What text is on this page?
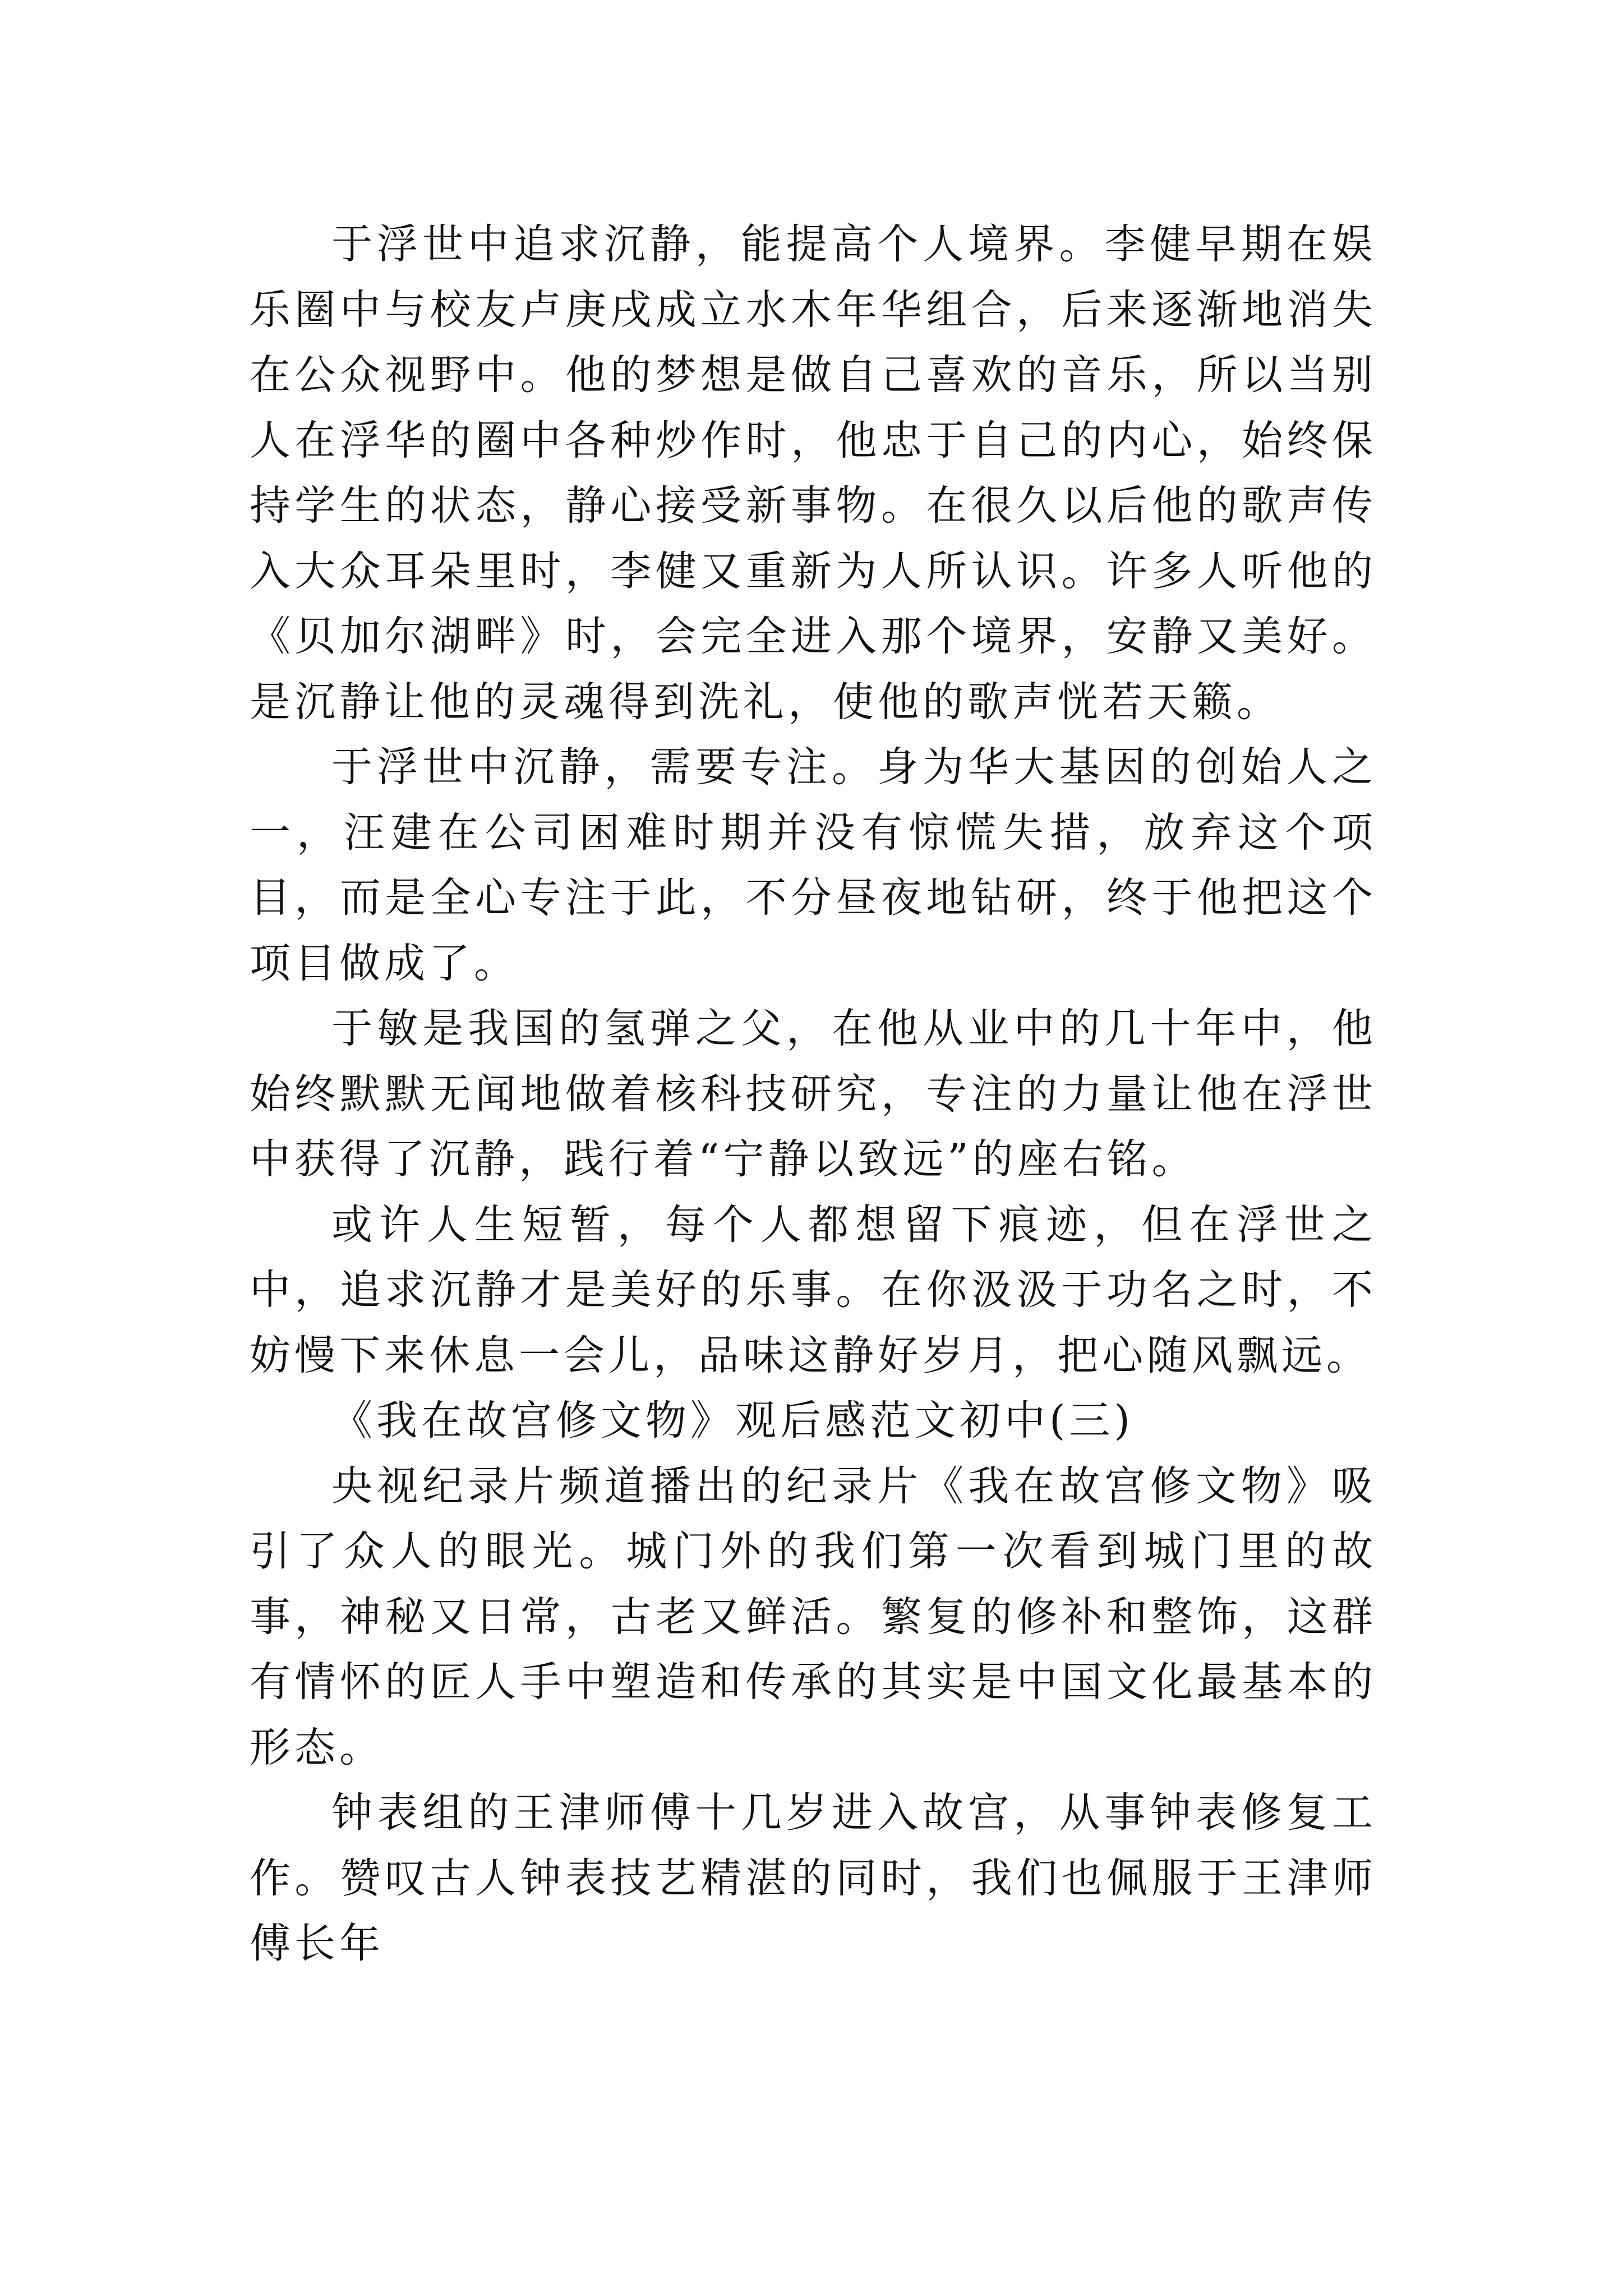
于浮世中追求沉静，能提高个人境界。李健早期在娱乐圈中与校友卢庚戌成立水木年华组合，后来逐渐地消失在公众视野中。他的梦想是做自己喜欢的音乐，所以当别人在浮华的圈中各种炒作时，他忠于自己的内心，始终保持学生的状态，静心接受新事物。在很久以后他的歌声传入大众耳朵里时，李健又重新为人所认识。许多人听他的《贝加尔湖畔》时，会完全进入那个境界，安静又美好。是沉静让他的灵魂得到洗礼，使他的歌声恍若天籁。

于浮世中沉静，需要专注。身为华大基因的创始人之一，汪建在公司困难时期并没有惊慌失措，放弃这个项目，而是全心专注于此，不分昼夜地钻研，终于他把这个项目做成了。

于敏是我国的氢弹之父，在他从业中的几十年中，他始终默默无闻地做着核科技研究，专注的力量让他在浮世中获得了沉静，践行着“宁静以致远”的座右铭。

或许人生短暂，每个人都想留下痕迹，但在浮世之中，追求沉静才是美好的乐事。在你汲汲于功名之时，不妨慢下来休息一会儿，品味这静好岁月，把心随风飘远。

《我在故宫修文物》观后感范文初中(三)

央视纪录片频道播出的纪录片《我在故宫修文物》吸引了众人的眼光。城门外的我们第一次看到城门里的故事，神秘又日常，古老又鲜活。繁复的修补和整饰，这群有情怀的匠人手中塑造和传承的其实是中国文化最基本的形态。

钟表组的王津师傅十几岁进入故宫，从事钟表修复工作。赞叹古人钟表技艺精湛的同时，我们也佩服于王津师傅长年
